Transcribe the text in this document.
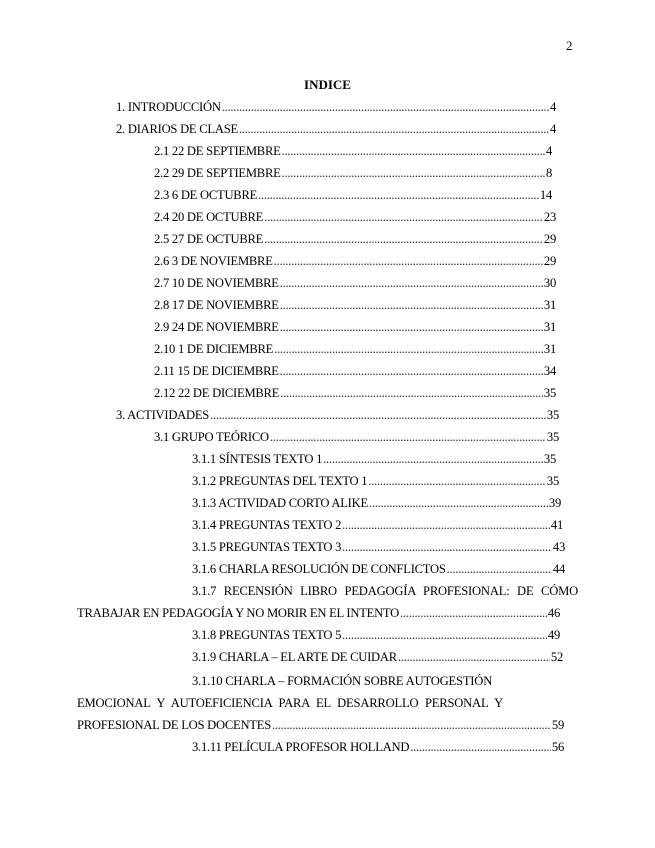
2
INDICE
1. INTRODUCCIÓN .....	4
2. DIARIOS DE CLASE .....	4
2.1 22 DE SEPTIEMBRE .....	4
2.2 29 DE SEPTIEMBRE .....	8
2.3 6 DE OCTUBRE .....	14
2.4 20 DE OCTUBRE .....	23
2.5 27 DE OCTUBRE .....	29
2.6 3 DE NOVIEMBRE .....	29
2.7 10 DE NOVIEMBRE .....	30
2.8 17 DE NOVIEMBRE .....	31
2.9 24 DE NOVIEMBRE .....	31
2.10 1 DE DICIEMBRE .....	31
2.11 15 DE DICIEMBRE .....	34
2.12 22 DE DICIEMBRE .....	35
3. ACTIVIDADES .....	35
3.1 GRUPO TEÓRICO .....	35
3.1.1 SÍNTESIS TEXTO 1 .....	35
3.1.2 PREGUNTAS DEL TEXTO 1 .....	35
3.1.3 ACTIVIDAD CORTO ALIKE .....	39
3.1.4 PREGUNTAS TEXTO 2 .....	41
3.1.5 PREGUNTAS TEXTO 3 .....	43
3.1.6 CHARLA RESOLUCIÓN DE CONFLICTOS .....	44
3.1.7 RECENSIÓN LIBRO PEDAGOGÍA PROFESIONAL: DE CÓMO
TRABAJAR EN PEDAGOGÍA Y NO MORIR EN EL INTENTO .....	46
3.1.8 PREGUNTAS TEXTO 5 .....	49
3.1.9 CHARLA – EL ARTE DE CUIDAR .....	52
3.1.10 CHARLA – FORMACIÓN SOBRE AUTOGESTIÓN
EMOCIONAL Y AUTOEFICIENCIA PARA EL DESARROLLO PERSONAL Y
PROFESIONAL DE LOS DOCENTES .....	59
3.1.11 PELÍCULA PROFESOR HOLLAND .....	56
